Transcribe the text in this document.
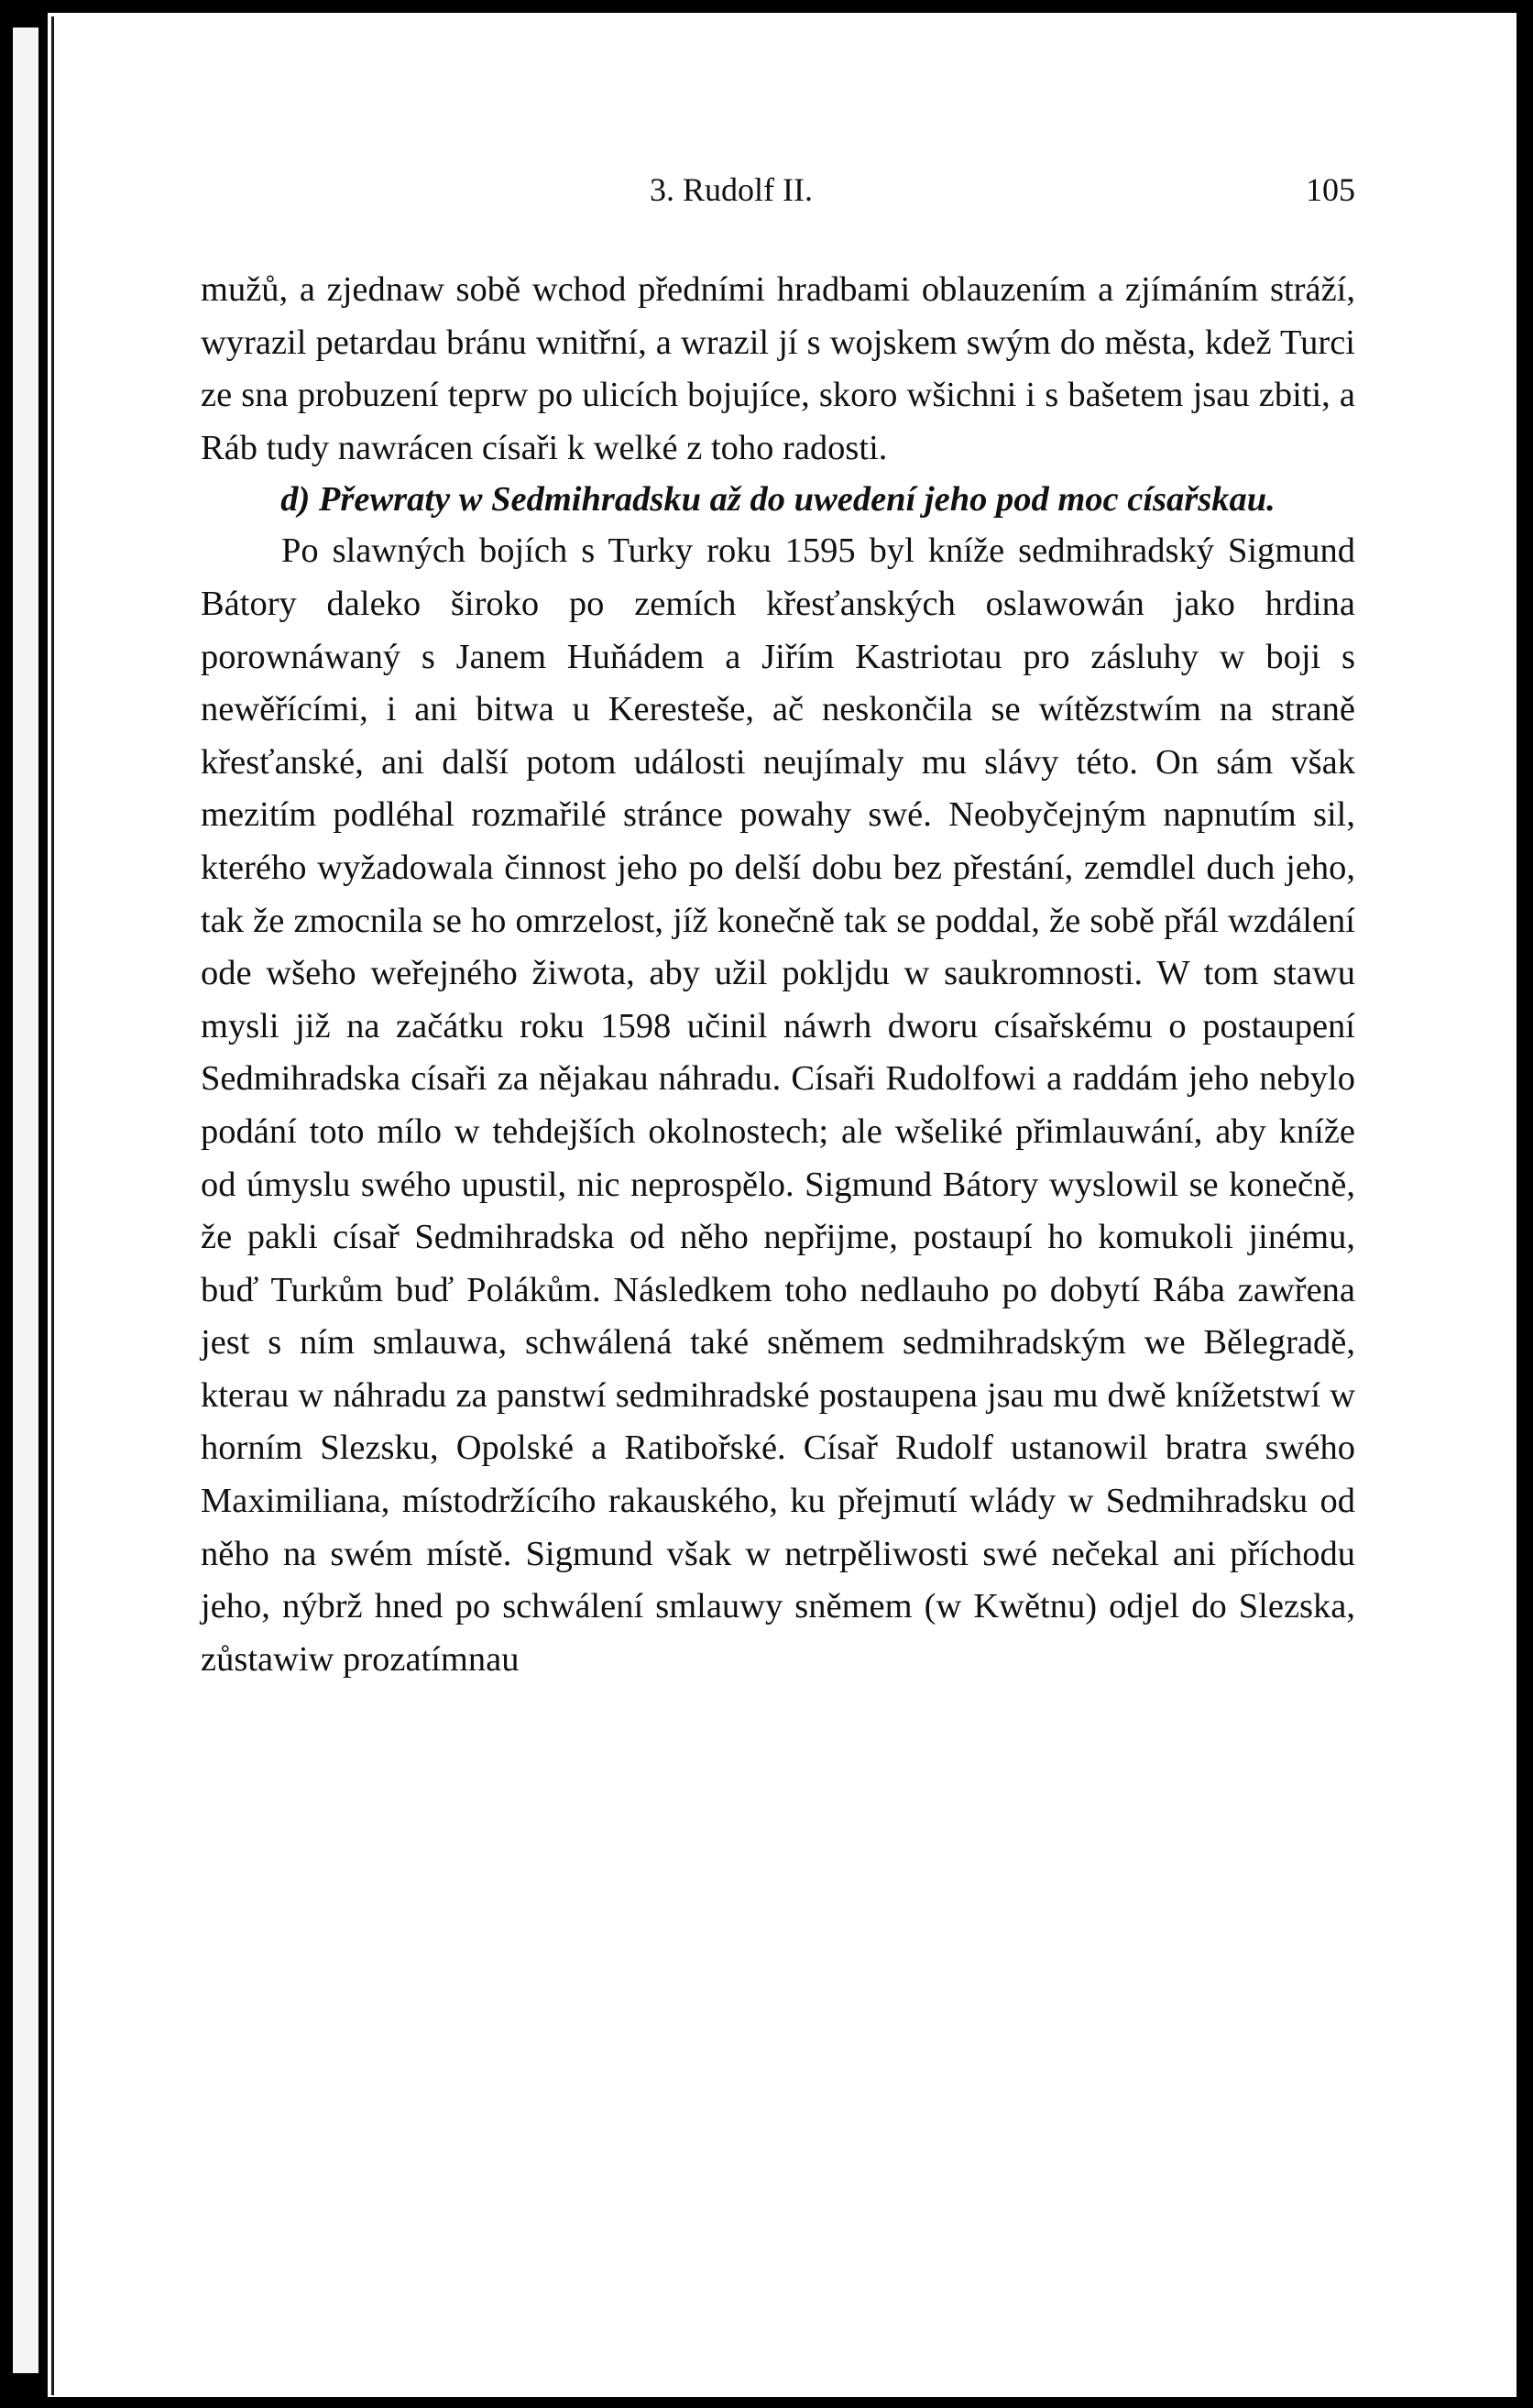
3. Rudolf II.	105

mužů, a zjednaw sobě wchod předními hradbami oblauzením a zjímáním stráží, wyrazil petardau bránu wnitřní, a wrazil jí s wojskem swým do města, kdež Turci ze sna probuzení teprw po ulicích bojujíce, skoro wšichni i s bašetem jsau zbiti, a Ráb tudy nawrácen císaři k welké z toho radosti.

d) Přewraty w Sedmihradsku až do uwedení jeho pod moc císařskau.

Po slawných bojích s Turky roku 1595 byl kníže sedmihradský Sigmund Bátory daleko široko po zemích křesťanských oslawowán jako hrdina porownáwaný s Janem Huňádem a Jiřím Kastriotau pro zásluhy w boji s newěřícími, i ani bitwa u Keresteše, ač neskončila se wítězstwím na straně křesťanské, ani další potom události neujímaly mu slávy této. On sám však mezitím podléhal rozmařilé stránce powahy swé. Neobyčejným napnutím sil, kterého wyžadowala činnost jeho po delší dobu bez přestání, zemdlel duch jeho, tak že zmocnila se ho omrzelost, jíž konečně tak se poddal, že sobě přál wzdálení ode wšeho weřejného žiwota, aby užil pokljdu w saukromnosti. W tom stawu mysli již na začátku roku 1598 učinil náwrh dworu císařskému o postaupení Sedmihradska císaři za nějakau náhradu. Císaři Rudolfowi a raddám jeho nebylo podání toto mílo w tehdejších okolnostech; ale wšeliké přimlauwání, aby kníže od úmyslu swého upustil, nic neprospělo. Sigmund Bátory wyslowil se konečně, že pakli císař Sedmihradska od něho nepřijme, postaupí ho komukoli jinému, buď Turkům buď Polákům. Následkem toho nedlauho po dobytí Rába zawřena jest s ním smlauwa, schwálená také sněmem sedmihradským we Bělegradě, kterau w náhradu za panstwí sedmihradské postaupena jsau mu dwě knížetstwí w horním Slezsku, Opolské a Ratibořské. Císař Rudolf ustanowil bratra swého Maximiliana, místodržícího rakauského, ku přejmutí wlády w Sedmihradsku od něho na swém místě. Sigmund však w netrpěliwosti swé nečekal ani příchodu jeho, nýbrž hned po schwálení smlauwy sněmem (w Kwětnu) odjel do Slezska, zůstawiw prozatímnau
